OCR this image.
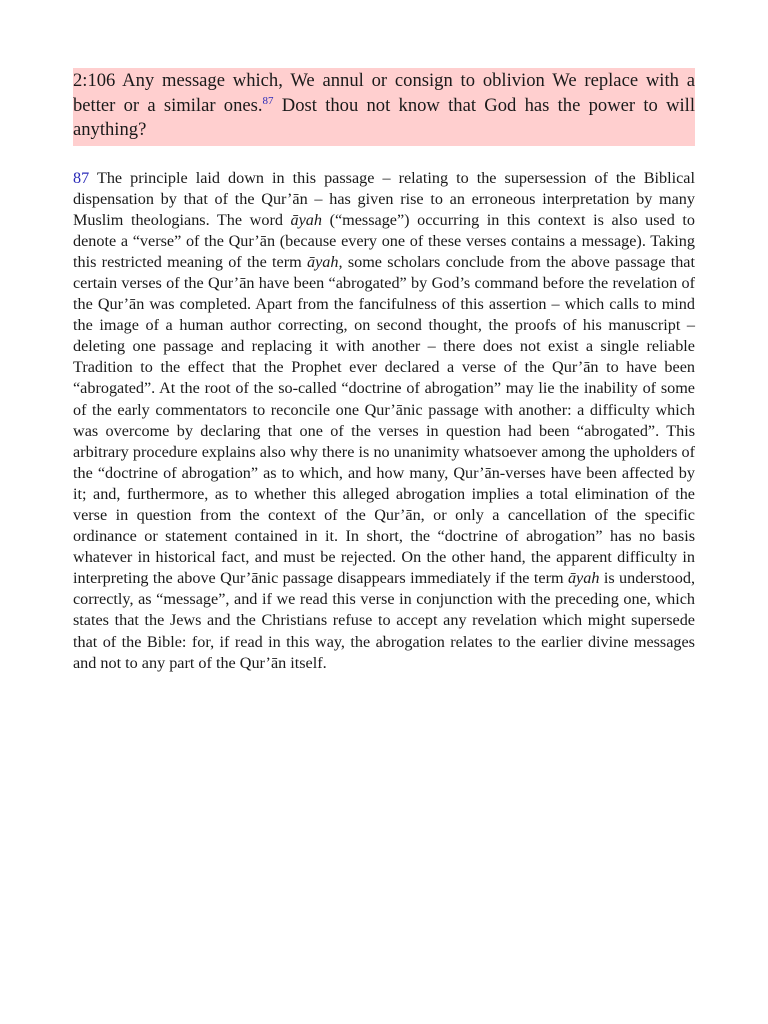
2:106 Any message which, We annul or consign to oblivion We replace with a better or a similar ones.$^{87}$ Dost thou not know that God has the power to will anything?
87 The principle laid down in this passage – relating to the supersession of the Biblical dispensation by that of the Qur’ān – has given rise to an erroneous interpretation by many Muslim theologians. The word āyah (“message”) occurring in this context is also used to denote a “verse” of the Qur’ān (because every one of these verses contains a message). Taking this restricted meaning of the term āyah, some scholars conclude from the above passage that certain verses of the Qur’ān have been “abrogated” by God’s command before the revelation of the Qur’ān was completed. Apart from the fancifulness of this assertion – which calls to mind the image of a human author correcting, on second thought, the proofs of his manuscript – deleting one passage and replacing it with another – there does not exist a single reliable Tradition to the effect that the Prophet ever declared a verse of the Qur’ān to have been “abrogated”. At the root of the so-called “doctrine of abrogation” may lie the inability of some of the early commentators to reconcile one Qur’ānic passage with another: a difficulty which was overcome by declaring that one of the verses in question had been “abrogated”. This arbitrary procedure explains also why there is no unanimity whatsoever among the upholders of the “doctrine of abrogation” as to which, and how many, Qur’ān-verses have been affected by it; and, furthermore, as to whether this alleged abrogation implies a total elimination of the verse in question from the context of the Qur’ān, or only a cancellation of the specific ordinance or statement contained in it. In short, the “doctrine of abrogation” has no basis whatever in historical fact, and must be rejected. On the other hand, the apparent difficulty in interpreting the above Qur’ānic passage disappears immediately if the term āyah is understood, correctly, as “message”, and if we read this verse in conjunction with the preceding one, which states that the Jews and the Christians refuse to accept any revelation which might supersede that of the Bible: for, if read in this way, the abrogation relates to the earlier divine messages and not to any part of the Qur’ān itself.
